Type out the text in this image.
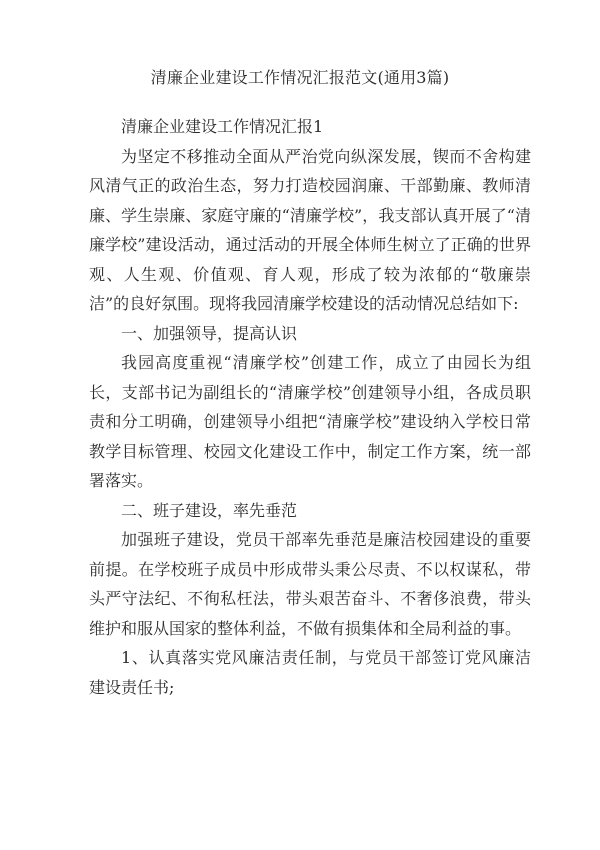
清廉企业建设工作情况汇报范文(通用3篇)

清廉企业建设工作情况汇报1

为坚定不移推动全面从严治党向纵深发展，锲而不舍构建风清气正的政治生态，努力打造校园润廉、干部勤廉、教师清廉、学生崇廉、家庭守廉的“清廉学校”，我支部认真开展了“清廉学校”建设活动，通过活动的开展全体师生树立了正确的世界观、人生观、价值观、育人观，形成了较为浓郁的“敬廉崇洁”的良好氛围。现将我园清廉学校建设的活动情况总结如下:

一、加强领导，提高认识

我园高度重视“清廉学校”创建工作，成立了由园长为组长，支部书记为副组长的“清廉学校”创建领导小组，各成员职责和分工明确，创建领导小组把“清廉学校”建设纳入学校日常教学目标管理、校园文化建设工作中，制定工作方案，统一部署落实。

二、班子建设，率先垂范

加强班子建设，党员干部率先垂范是廉洁校园建设的重要前提。在学校班子成员中形成带头秉公尽责、不以权谋私，带头严守法纪、不徇私枉法，带头艰苦奋斗、不奢侈浪费，带头维护和服从国家的整体利益，不做有损集体和全局利益的事。

1、认真落实党风廉洁责任制，与党员干部签订党风廉洁建设责任书;
